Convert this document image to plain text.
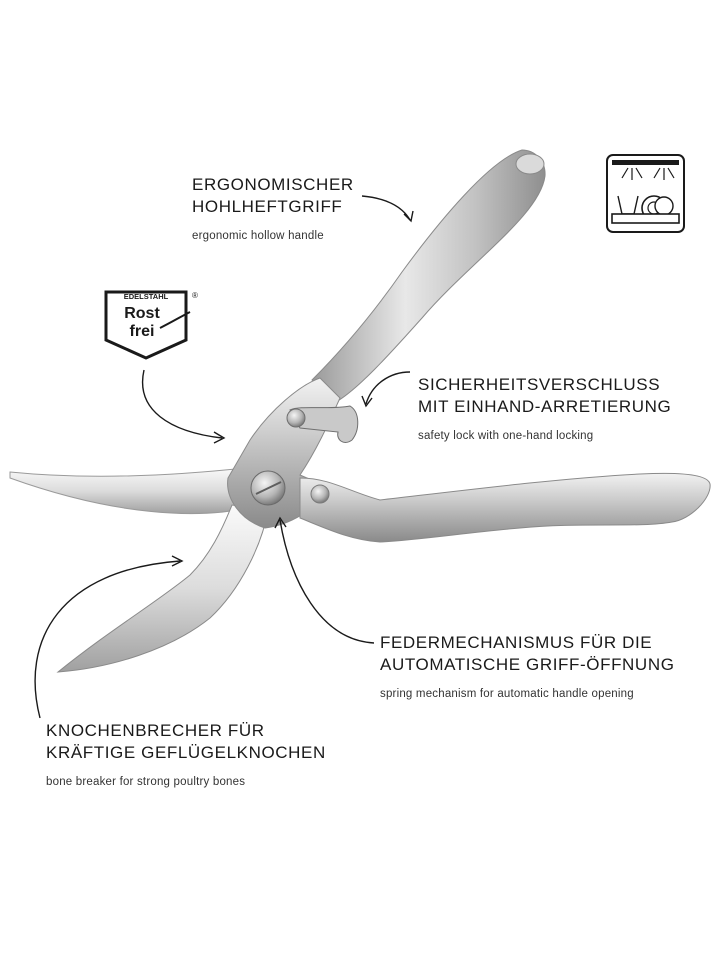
EDELSTAHL	®
Rost
frei
ERGONOMISCHER
HOHLHEFTGRIFF
ergonomic hollow handle
SICHERHEITSVERSCHLUSS
MIT EINHAND-ARRETIERUNG
safety lock with one-hand locking
FEDERMECHANISMUS FÜR DIE
AUTOMATISCHE GRIFF-ÖFFNUNG
spring mechanism for automatic handle opening
KNOCHENBRECHER FÜR
KRÄFTIGE GEFLÜGELKNOCHEN
bone breaker for strong poultry bones
